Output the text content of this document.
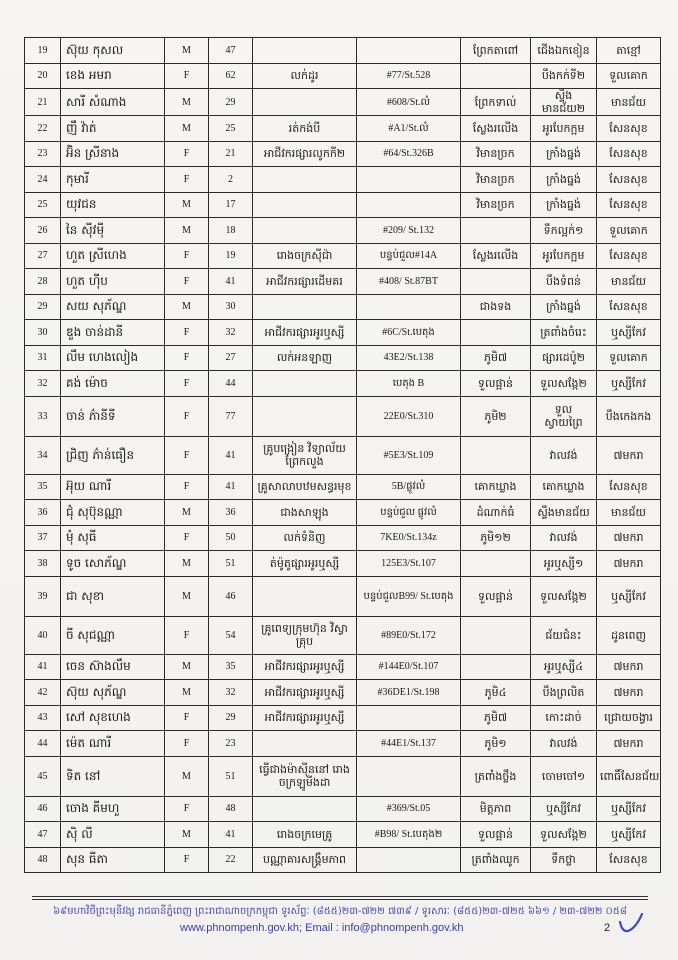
19	ស៊ុយ កុសល	M	47			ព្រែកតាពៅ	ជើងឯកខៀន	តាខ្មៅ
20	ខេង អមរា	F	62	លក់ដូរ	#77/St.528		បឹងកក់ទី២	ទួលគោក
21	សារី សំណាង	M	29		#608/St.លំ	ព្រែកទាល់	ស្ទឹងមានជ័យ២	មានជ័យ
22	ញឹ វ៉ាត់	M	25	រត់កង់បី	#A1/St.លំ	ស្លែងរលើង	អូរបែកក្អម	សែនសុខ
23	អ៊ិន ស្រីនាង	F	21	អាជីវករផ្សារលូកកី២	#64/St.326B	វិមានច្រក	ក្រាំងធ្នង់	សែនសុខ
24	កុមារី	F	2			វិមានច្រក	ក្រាំងធ្នង់	សែនសុខ
25	យុវជន	M	17			វិមានច្រក	ក្រាំងធ្នង់	សែនសុខ
26	នៃ ស៊ីវម៉ី	M	18		#209/ St.132		ទឹកល្អក់១	ទួលគោក
27	ហួត ស្រីហេង	F	19	រោងចក្រស៊ីជ៉ា	បន្ទប់ជួល#14A	ស្លែងរលើង	អូរបែកក្អម	សែនសុខ
28	ហួត ហ៊ីប	F	41	អាជីវករផ្សារដើមគរ	#408/ St.87BT		បឹងទំពន់	មានជ័យ
29	សយ សុភ័ណ្ឌ	M	30			ជាងទង	ក្រាំងធ្នង់	សែនសុខ
30	ឌួង ចាន់ដានី	F	32	អាជីវករផ្សារអូរឬស្សី	#6C/St.បេតុង		ត្រពាំងចំរេះ	ឬស្សីកែវ
31	លឹម ហេងលៀង	F	27	លក់អនឡាញ	43E2/St.138	ភូមិ៧	ផ្សារដេប៉ូ២	ទួលគោក
32	គង់ ម៉ោច	F	44		បេតុង B	ទួលផ្អាន់	ទួលសង្កែ២	ឬស្សីកែវ
33	ចាន់ ភ៌ានីទី	F	77		22E0/St.310	ភូមិ២	ទួល ស្វាយព្រៃ	បឹងកេងកង
34	ជ្រិញ ភ៌ាន់ធឿន	F	41	គ្រូបង្រៀន វិទ្យាល័យព្រែកលួង	#5E3/St.109		វាលវង់	៧មករា
35	អ៊ុយ ណារី	F	41	គ្រូសាលាបឋមសន្ធរមុខ	5B/ផ្លូវលំ	គោកឃ្លាង	គោកឃ្លាង	សែនសុខ
36	ជុំ សុប៊ុនណ្ណា	M	36	ជាងសាឡុង	បន្ទប់ជួល ផ្លូវលំ	ដំណាក់ធំ	ស្ទឹងមានជ័យ	មានជ័យ
37	មុំ សុធី	F	50	លក់ទំនិញ	7KE0/St.134z	ភូមិ១២	វាលវង់	៧មករា
38	ទូច សោភ័ណ្ឌ	M	51	ត់ម៉ូតូផ្សារអូរឬស្សី	125E3/St.107		អូរឬស្សី១	៧មករា
39	ជា សុខា	M	46		បន្ទប់ជួលB99/ St.បេតុង	ទួលផ្អាន់	ទួលសង្កែ២	ឬស្សីកែវ
40	ចី សុជណ្ណា	F	54	គ្រូពេទ្យក្រុមហ៊ុន វិស្វាគ្រុប	#89E0/St.172		ជ័យជំនះ	ដូនពេញ
41	ចេន ស៊ាងលឹម	M	35	អាជីវករផ្សារអូរឬស្សី	#144E0/St.107		អូរឬស្សី៤	៧មករា
42	ស៊ុយ សុភ័ណ្ឌ	M	32	អាជីវករផ្សារអូរឬស្សី	#36DE1/St.198	ភូមិ៤	បឹងព្រលិត	៧មករា
43	សៅ សុខហេង	F	29	អាជីវករផ្សារអូរឬស្សី		ភូមិ៧	កោះដាច់	ជ្រោយចង្វារ
44	ម៉េត ណារី	F	23		#44E1/St.137	ភូមិ១	វាលវង់	៧មករា
45	ទិត នៅ	M	51	ធ្វើជាងម៉ាស៊ីននៅ រោងចក្រឡូមីងដា		ត្រពាំងថ្លឹង	ចោមចៅ១	ពោធិ៍សែនជ័យ
46	ចោង គីមហួ	F	48		#369/St.05	មិត្តភាព	ឬស្សីកែវ	ឬស្សីកែវ
47	ស៊ិ លី	M	41	រោងចក្រមេត្រូ	#B98/ St.បេតុង២	ទួលផ្អាន់	ទួលសង្កែ២	ឬស្សីកែវ
48	សុន ធីតា	F	22	បណ្ណាគារសង្គ្រឹមភាព		ត្រពាំងឈូក	ទឹកថ្លា	សែនសុខ
៦៩មហាវិថីព្រះមុនីវង្ស រាជធានីភ្នំពេញ ព្រះរាជាណាចក្រកម្ពុជា ទូរស័ព្ទៈ (៨៥៥)២៣-៧២២ ៧៣៩ / ទូរសារៈ (៨៥៥)២៣-៧២៥ ៦៦១ / ២៣-៧២២ ០៥៨
www.phnompenh.gov.kh; Email : info@phnompenh.gov.kh	2
